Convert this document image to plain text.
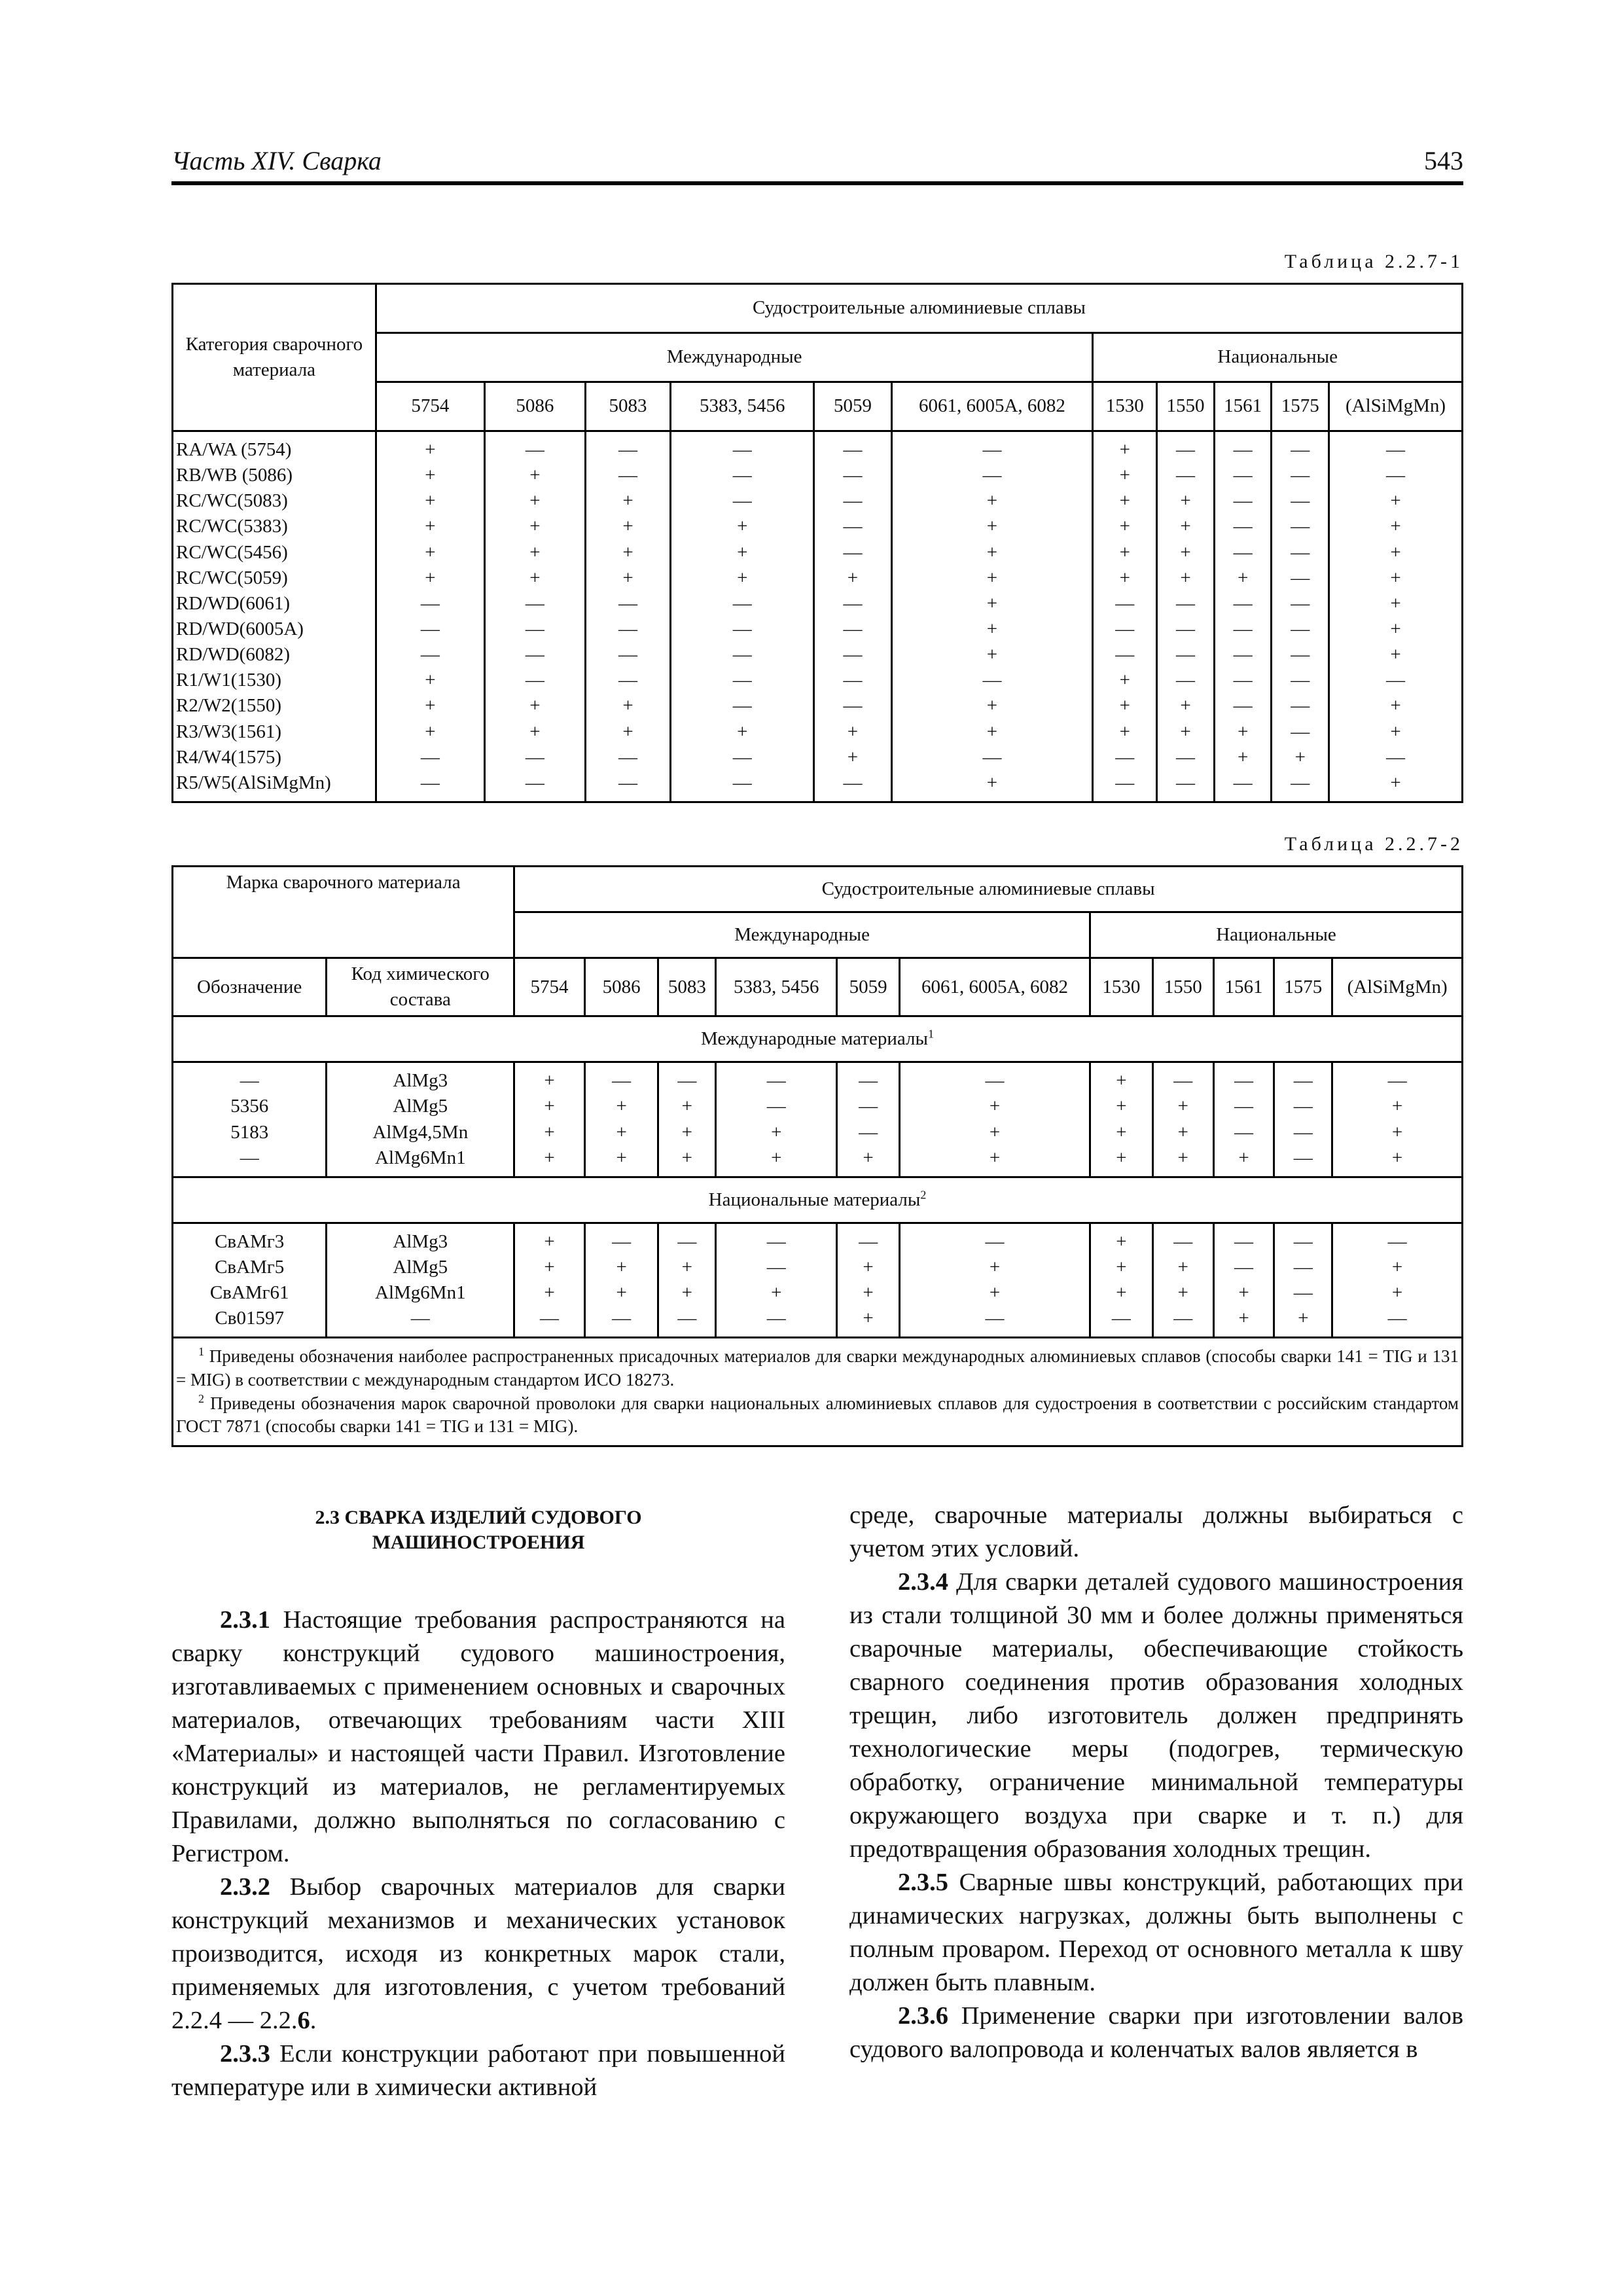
Часть XIV. Сварка	543
Таблица 2.2.7-1
Категория сварочного материала	Судостроительные алюминиевые сплавы										
	Международные						Национальные				
	5754	5086	5083	5383, 5456	5059	6061, 6005A, 6082	1530	1550	1561	1575	(AlSiMgMn)
RA/WA (5754)	+	—	—	—	—	—	+	—	—	—	—
RB/WB (5086)	+	+	—	—	—	—	+	—	—	—	—
RC/WC(5083)	+	+	+	—	—	+	+	+	—	—	+
RC/WC(5383)	+	+	+	+	—	+	+	+	—	—	+
RC/WC(5456)	+	+	+	+	—	+	+	+	—	—	+
RC/WC(5059)	+	+	+	+	+	+	+	+	+	—	+
RD/WD(6061)	—	—	—	—	—	+	—	—	—	—	+
RD/WD(6005A)	—	—	—	—	—	+	—	—	—	—	+
RD/WD(6082)	—	—	—	—	—	+	—	—	—	—	+
R1/W1(1530)	+	—	—	—	—	—	+	—	—	—	—
R2/W2(1550)	+	+	+	—	—	+	+	+	—	—	+
R3/W3(1561)	+	+	+	+	+	+	+	+	+	—	+
R4/W4(1575)	—	—	—	—	+	—	—	—	+	+	—
R5/W5(AlSiMgMn)	—	—	—	—	—	+	—	—	—	—	+
Таблица 2.2.7-2
Марка сварочного материала		Судостроительные алюминиевые сплавы										
		Международные						Национальные				
Обозначение	Код химического состава	5754	5086	5083	5383, 5456	5059	6061, 6005A, 6082	1530	1550	1561	1575	(AlSiMgMn)
Международные материалы$^1$
—	AlMg3	+	—	—	—	—	—	+	—	—	—	—
5356	AlMg5	+	+	+	—	—	+	+	+	—	—	+
5183	AlMg4,5Mn	+	+	+	+	—	+	+	+	—	—	+
—	AlMg6Mn1	+	+	+	+	+	+	+	+	+	—	+
Национальные материалы$^2$
СвАМг3	AlMg3	+	—	—	—	—	—	+	—	—	—	—
СвАМг5	AlMg5	+	+	+	—	+	+	+	+	—	—	+
СвАМг61	AlMg6Mn1	+	+	+	+	+	+	+	+	+	—	+
Св01597	—	—	—	—	—	+	—	—	—	+	+	—

$^1$ Приведены обозначения наиболее распространенных присадочных материалов для сварки международных алюминиевых сплавов (способы сварки 141 = TIG и 131 = MIG) в соответствии с международным стандартом ИСО 18273.
$^2$ Приведены обозначения марок сварочной проволоки для сварки национальных алюминиевых сплавов для судостроения в соответствии с российским стандартом ГОСТ 7871 (способы сварки 141 = TIG и 131 = MIG).												
2.3 СВАРКА ИЗДЕЛИЙ СУДОВОГО
МАШИНОСТРОЕНИЯ

2.3.1 Настоящие требования распространяются на сварку конструкций судового машиностроения, изготавливаемых с применением основных и сварочных материалов, отвечающих требованиям части XIII «Материалы» и настоящей части Правил. Изготовление конструкций из материалов, не регламентируемых Правилами, должно выполняться по согласованию с Регистром.

2.3.2 Выбор сварочных материалов для сварки конструкций механизмов и механических установок производится, исходя из конкретных марок стали, применяемых для изготовления, с учетом требований 2.2.4 — 2.2.6.

2.3.3 Если конструкции работают при повышенной температуре или в химически активной

среде, сварочные материалы должны выбираться с учетом этих условий.

2.3.4 Для сварки деталей судового машиностроения из стали толщиной 30 мм и более должны применяться сварочные материалы, обеспечивающие стойкость сварного соединения против образования холодных трещин, либо изготовитель должен предпринять технологические меры (подогрев, термическую обработку, ограничение минимальной температуры окружающего воздуха при сварке и т. п.) для предотвращения образования холодных трещин.

2.3.5 Сварные швы конструкций, работающих при динамических нагрузках, должны быть выполнены с полным проваром. Переход от основного металла к шву должен быть плавным.

2.3.6 Применение сварки при изготовлении валов судового валопровода и коленчатых валов является в
